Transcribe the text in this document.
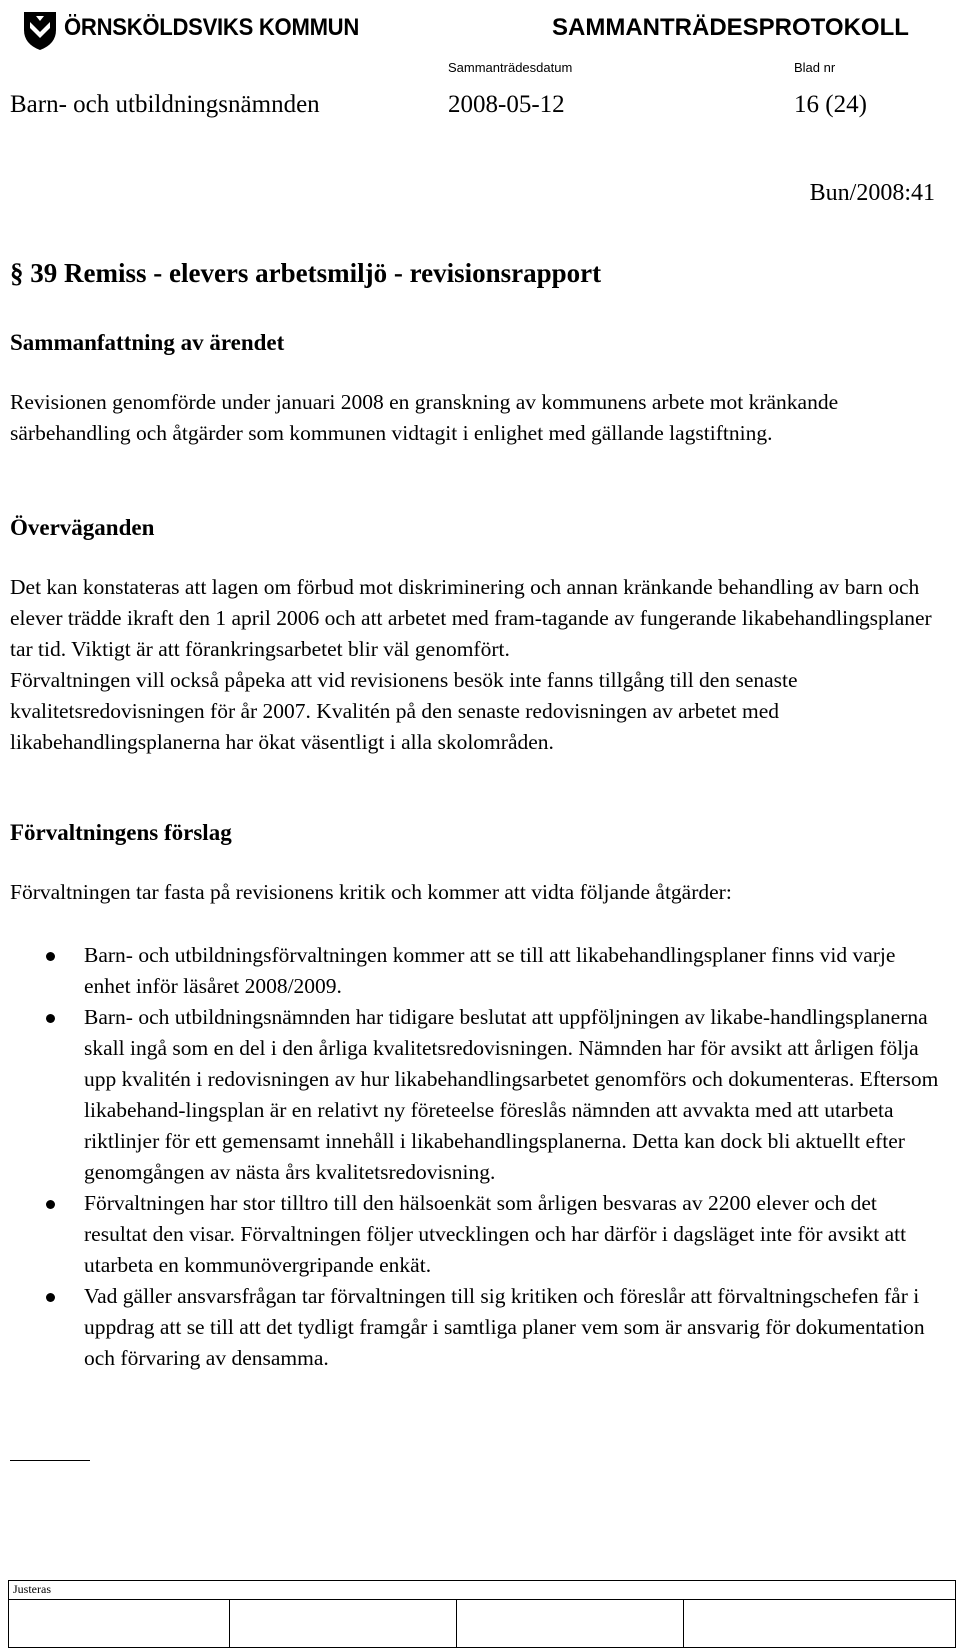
ÖRNSKÖLDSVIKS KOMMUN	SAMMANTRÄDESPROTOKOLL
Sammanträdesdatum	Blad nr
Barn- och utbildningsnämnden	2008-05-12	16 (24)
Bun/2008:41
§ 39 Remiss - elevers arbetsmiljö - revisionsrapport
Sammanfattning av ärendet

Revisionen genomförde under januari 2008 en granskning av kommunens arbete mot kränkande särbehandling och åtgärder som kommunen vidtagit i enlighet med gällande lagstiftning.

Överväganden
Det kan konstateras att lagen om förbud mot diskriminering och annan kränkande behandling av barn och elever trädde ikraft den 1 april 2006 och att arbetet med fram-tagande av fungerande likabehandlingsplaner tar tid. Viktigt är att förankringsarbetet blir väl genomfört.
Förvaltningen vill också påpeka att vid revisionens besök inte fanns tillgång till den senaste kvalitetsredovisningen för år 2007. Kvalitén på den senaste redovisningen av arbetet med likabehandlingsplanerna har ökat väsentligt i alla skolområden.
Förvaltningens förslag

Förvaltningen tar fasta på revisionens kritik och kommer att vidta följande åtgärder:

Barn- och utbildningsförvaltningen kommer att se till att likabehandlingsplaner finns vid varje enhet inför läsåret 2008/2009.
Barn- och utbildningsnämnden har tidigare beslutat att uppföljningen av likabe-handlingsplanerna skall ingå som en del i den årliga kvalitetsredovisningen. Nämnden har för avsikt att årligen följa upp kvalitén i redovisningen av hur likabehandlingsarbetet genomförs och dokumenteras. Eftersom likabehand-lingsplan är en relativt ny företeelse föreslås nämnden att avvakta med att utarbeta riktlinjer för ett gemensamt innehåll i likabehandlingsplanerna. Detta kan dock bli aktuellt efter genomgången av nästa års kvalitetsredovisning.
Förvaltningen har stor tilltro till den hälsoenkät som årligen besvaras av 2200 elever och det resultat den visar. Förvaltningen följer utvecklingen och har därför i dagsläget inte för avsikt att utarbeta en kommunövergripande enkät.
Vad gäller ansvarsfrågan tar förvaltningen till sig kritiken och föreslår att förvaltningschefen får i uppdrag att se till att det tydligt framgår i samtliga planer vem som är ansvarig för dokumentation och förvaring av densamma.
Justeras
